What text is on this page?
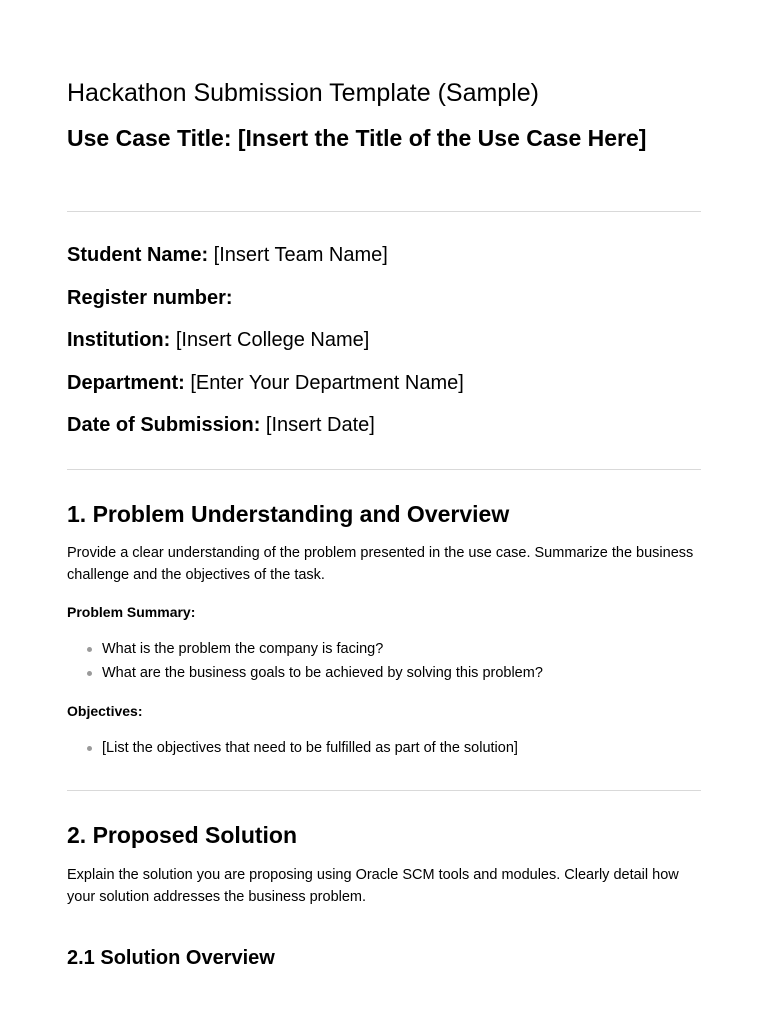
Hackathon Submission Template (Sample)
Use Case Title: [Insert the Title of the Use Case Here]

Student Name: [Insert Team Name]

Register number:

Institution: [Insert College Name]

Department: [Enter Your Department Name]

Date of Submission: [Insert Date]

1. Problem Understanding and Overview

Provide a clear understanding of the problem presented in the use case. Summarize the business challenge and the objectives of the task.

Problem Summary:

What is the problem the company is facing?
What are the business goals to be achieved by solving this problem?

Objectives:

[List the objectives that need to be fulfilled as part of the solution]
2. Proposed Solution

Explain the solution you are proposing using Oracle SCM tools and modules. Clearly detail how your solution addresses the business problem.

2.1 Solution Overview
